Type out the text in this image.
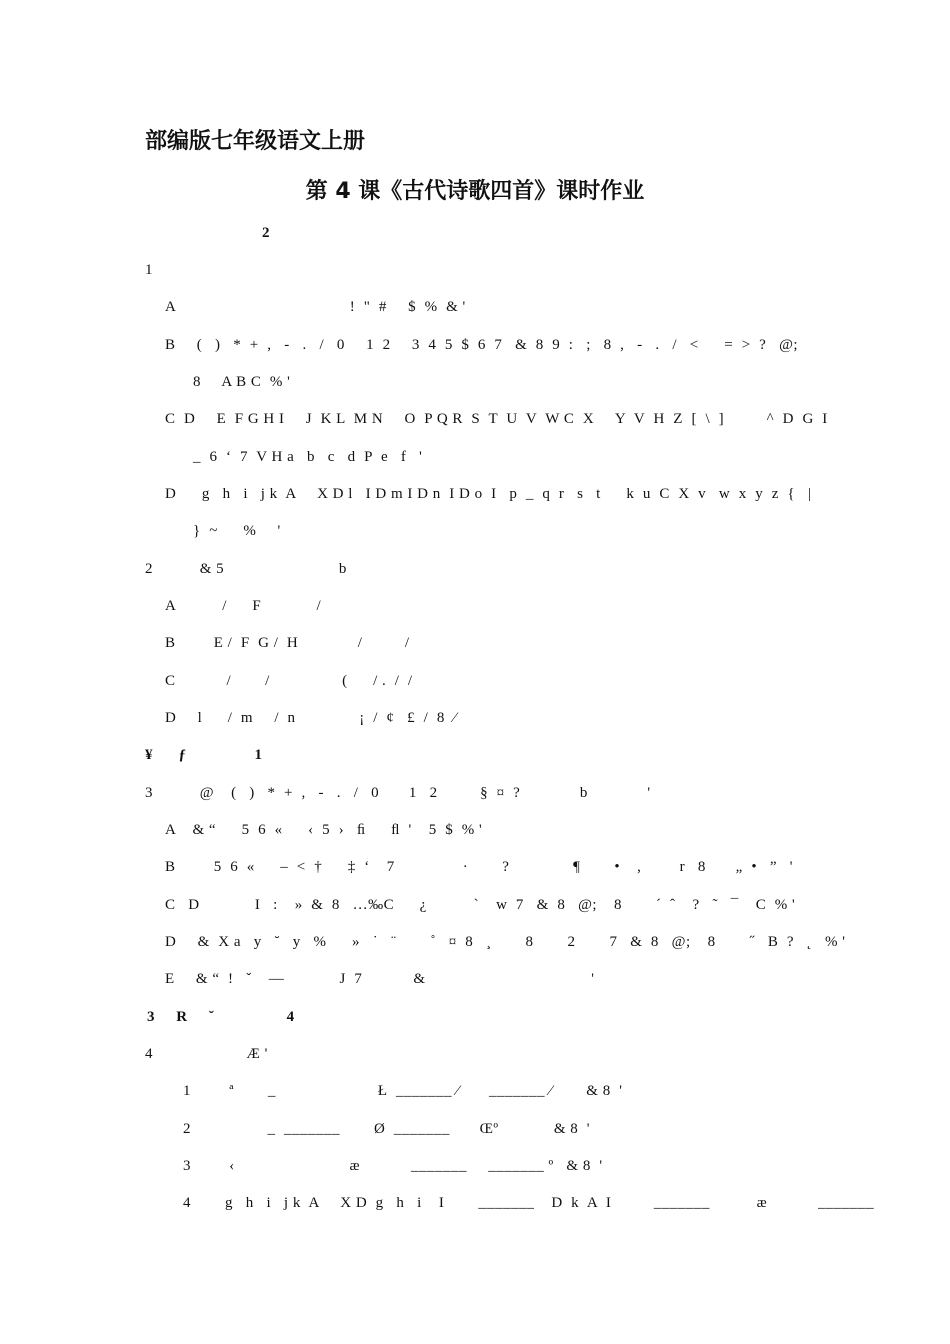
部编版七年级语文上册
第 4 课《古代诗歌四首》课时作业
2
1
A                                         !  "  #     $  %  & '
B     (   )   *  +  ,   -   .   /   0     1  2     3  4  5  $  6  7   &  8  9  :   ;   8  ,   -   .   /   <      =  >  ?   @;
8     A B C  % '
C  D     E  F G H I     J  K L  M N     O  P Q R  S  T  U  V  W C  X     Y  V  H  Z  [  \  ]          ^  D  G  I
_  6  ‘  7  V H a   b   c   d  P  e   f   '
D      g   h   i   j k  A     X D l   I D m I D n  I D o  I   p  _  q  r   s   t      k  u  C  X  v   w  x  y  z  {   |
}  ~      %     '
2           & 5                           b
A           /      F             /
B         E /  F  G /  H              /          /
C            /        /                 (      / .  /  /
D     l      /  m     /  n               ¡  /  ¢   £  /  8  ⁄
¥      ƒ                1
3           @    (   )   *  +  ,   -   .   /   0       1   2          §  ¤  ?              b              '
A    & “      5  6  «      ‹  5  ›   ﬁ      ﬂ  '    5  $  % '
B         5  6  «      –  <  †      ‡  ‘    7                ·        ?               ¶        •    ,         r   8       „  •   ”   '
C   D             I   :    »  &  8   …‰C      ¿           `    w  7   &  8   @;    8        ´  ˆ    ?   ˜   ¯    C  % '
D     &  X a   y   ˘   y   %      »   ˙   ¨        ˚   ¤  8   ¸        8        2        7   &  8   @;    8        ˝   B  ?   ˛   % '
E     & “  !   ˇ    —             J  7            &                                       '
3     R     ˘                 4
4                      Æ '
1         ª        _                        Ł  _______ ⁄       _______ ⁄        & 8  '
2                  _  _______        Ø  _______       Œº             & 8  '
3         ‹                           æ            _______     _______ º   & 8  '
4        g   h   i   j k  A     X D  g   h   i    I        _______    D  k  A  I          _______           æ            _______
